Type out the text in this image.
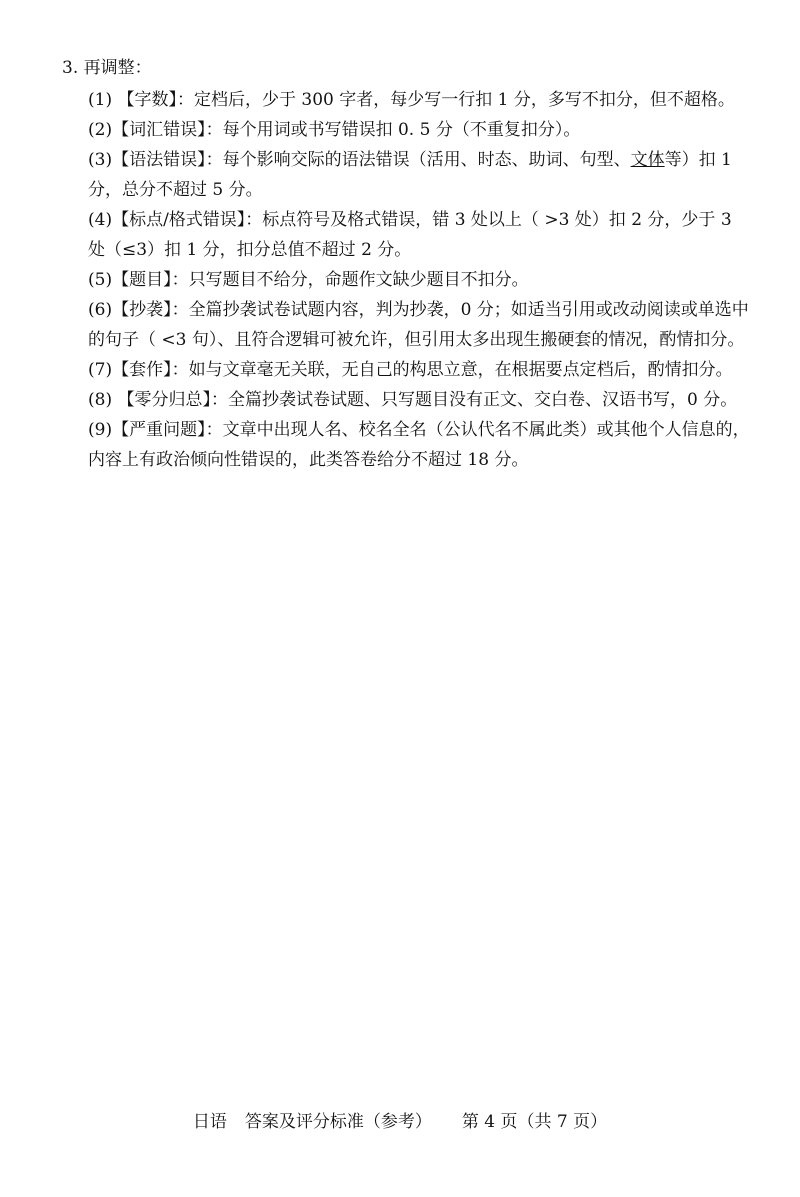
3. 再调整：

(1) 【字数】：定档后，少于 300 字者，每少写一行扣 1 分，多写不扣分，但不超格。

(2)【词汇错误】：每个用词或书写错误扣 0. 5 分（不重复扣分）。

(3)【语法错误】：每个影响交际的语法错误（活用、时态、助词、句型、文体等）扣 1 分，总分不超过 5 分。

(4)【标点/格式错误】：标点符号及格式错误，错 3 处以上（ >3 处）扣 2 分，少于 3 处（≤3）扣 1 分，扣分总值不超过 2 分。

(5)【题目】：只写题目不给分，命题作文缺少题目不扣分。

(6)【抄袭】：全篇抄袭试卷试题内容，判为抄袭，0 分；如适当引用或改动阅读或单选中的句子（ <3 句）、且符合逻辑可被允许，但引用太多出现生搬硬套的情况，酌情扣分。

(7)【套作】：如与文章毫无关联，无自己的构思立意，在根据要点定档后，酌情扣分。

(8) 【零分归总】：全篇抄袭试卷试题、只写题目没有正文、交白卷、汉语书写，0 分。

(9)【严重问题】：文章中出现人名、校名全名（公认代名不属此类）或其他个人信息的，内容上有政治倾向性错误的，此类答卷给分不超过 18 分。

日语 答案及评分标准（参考） 第 4 页（共 7 页）
